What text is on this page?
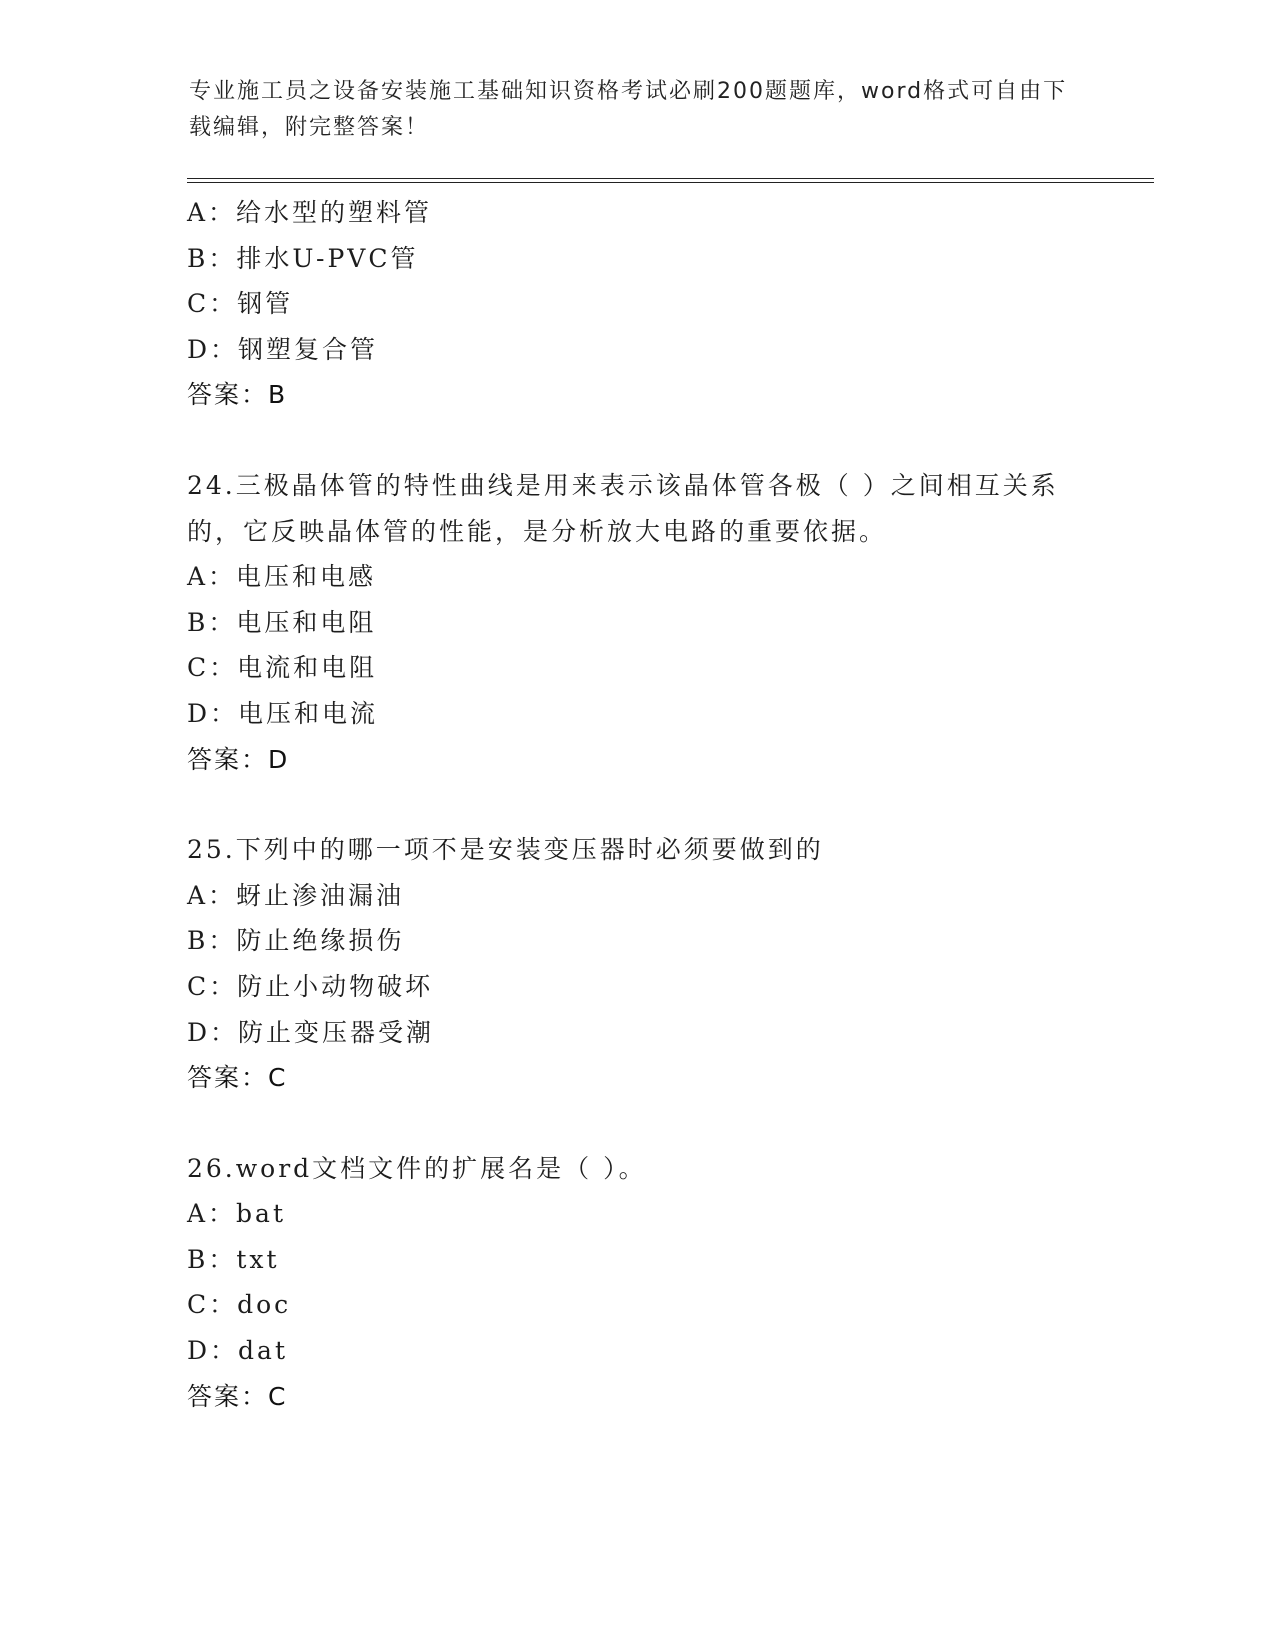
专业施工员之设备安装施工基础知识资格考试必刷200题题库，word格式可自由下载编辑，附完整答案！
A：给水型的塑料管
B：排水U-PVC管
C：钢管
D：钢塑复合管
答案：B
24.三极晶体管的特性曲线是用来表示该晶体管各极（ ）之间相互关系的，它反映晶体管的性能，是分析放大电路的重要依据。
A：电压和电感
B：电压和电阻
C：电流和电阻
D：电压和电流
答案：D
25.下列中的哪一项不是安装变压器时必须要做到的
A：蚜止渗油漏油
B：防止绝缘损伤
C：防止小动物破坏
D：防止变压器受潮
答案：C
26.word文档文件的扩展名是（ ）。
A：bat
B：txt
C：doc
D：dat
答案：C
